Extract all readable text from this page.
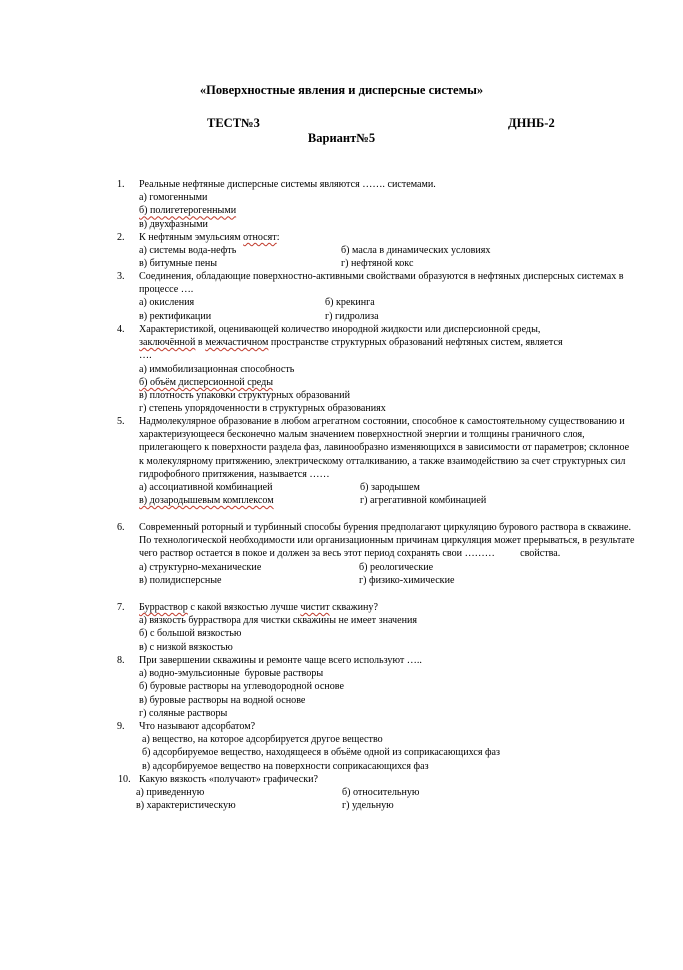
«Поверхностные явления и дисперсные системы»
ТЕСТ№3	ДННБ-2
Вариант№5
1.	Реальные нефтяные дисперсные системы являются ……. системами.
а) гомогенными
б) полигетерогенными
в) двухфазными
2.	К нефтяным эмульсиям относят:
а) системы вода-нефть	б) масла в динамических условиях
в) битумные пены	г) нефтяной кокс
3.	Соединения, обладающие поверхностно-активными свойствами образуются в нефтяных дисперсных системах в процессе ….
а) окисления	б) крекинга
в) ректификации	г) гидролиза
4.	Характеристикой, оценивающей количество инородной жидкости или дисперсионной среды,
заключённой в межчастичном пространстве структурных образований нефтяных систем, является
….
а) иммобилизационная способность
б) объём дисперсионной среды
в) плотность упаковки структурных образований
г) степень упорядоченности в структурных образованиях
5.	Надмолекулярное образование в любом агрегатном состоянии, способное к самостоятельному существованию и характеризующееся бесконечно малым значением поверхностной энергии и толщины граничного слоя, прилегающего к поверхности раздела фаз, лавинообразно изменяющихся в зависимости от параметров; склонное к молекулярному притяжению, электрическому отталкиванию, а также взаимодействию за счет структурных сил гидрофобного притяжения, называется ……
а) ассоциативной комбинацией	б) зародышем
в) дозародышевым комплексом	г) агрегативной комбинацией
6.	Современный роторный и турбинный способы бурения предполагают циркуляцию бурового раствора в скважине. По технологической необходимости или организационным причинам циркуляция может прерываться, в результате чего раствор остается в покое и должен за весь этот период сохранять свои ………          свойства.
а) структурно-механические	б) реологические
в) полидисперсные	г) физико-химические
7.	Бурраствор с какой вязкостью лучше чистит скважину?
а) вязкость бурраствора для чистки скважины не имеет значения
б) с большой вязкостью
в) с низкой вязкостью
8.	При завершении скважины и ремонте чаще всего используют …..
а) водно-эмульсионные  буровые растворы
б) буровые растворы на углеводородной основе
в) буровые растворы на водной основе
г) соляные растворы
9.	Что называют адсорбатом?
а) вещество, на которое адсорбируется другое вещество
б) адсорбируемое вещество, находящееся в объёме одной из соприкасающихся фаз
в) адсорбируемое вещество на поверхности соприкасающихся фаз
10. Какую вязкость «получают» графически?
а) приведенную	б) относительную
в) характеристическую	г) удельную
